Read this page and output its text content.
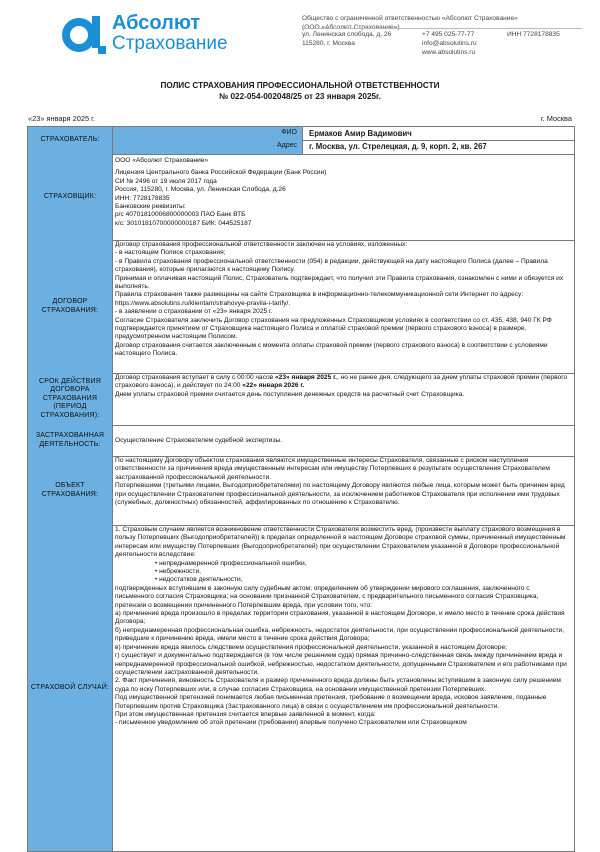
Абсолют
Страхование
Общество с ограниченной ответственностью «Абсолют Страхование»
(ООО «Абсолют Страхование»)
ул. Ленинская слобода, д. 26
115280, г. Москва
+7 495 025-77-77
info@absolutins.ru
www.absolutins.ru
ИНН 7728178835
ПОЛИС СТРАХОВАНИЯ ПРОФЕССИОНАЛЬНОЙ ОТВЕТСТВЕННОСТИ
№ 022-054-002048/25 от 23 января 2025г.
«23» января 2025 г.	г. Москва
СТРАХОВАТЕЛЬ:
ФИО	Ермаков Амир Вадимович
Адрес	г. Москва, ул. Стрелецкая, д. 9, корп. 2, кв. 267
СТРАХОВЩИК:

ООО «Абсолют Страхование»

Лицензия Центрального банка Российской Федерации (Банк России)

СИ № 2496 от 19 июля 2017 года

Россия, 115280, г. Москва, ул. Ленинская Слобода, д.26

ИНН: 7728178835

Банковские реквизиты:

р/с 40701810006800000003 ПАО Банк ВТБ

к/с: 30101810700000000187 БИК: 044525187

ДОГОВОР СТРАХОВАНИЯ:

Договор страхования профессиональной ответственности заключен на условиях, изложенных:

- в настоящем Полисе страхования;

- в Правила страхования профессиональной ответственности (054) в редакции, действующей на дату настоящего Полиса (далее – Правила страхования), которые прилагаются к настоящему Полису.

Принимая и оплачивая настоящий Полис, Страхователь подтверждает, что получил эти Правила страхования, ознакомлен с ними и обязуется их выполнять.

Правила страхования также размещены на сайте Страховщика в информационно-телекоммуникационной сети Интернет по адресу: https://www.absolutins.ru/klientam/strahovye-pravila-i-tarify/.

- в заявлении о страховании от «23» января 2025 г.

Согласие Страхователя заключить Договор страхования на предложенных Страховщиком условиях в соответствии со ст. 435, 438, 940 ГК РФ подтверждается принятием от Страховщика настоящего Полиса и оплатой страховой премии (первого страхового взноса) в размере, предусмотренном настоящим Полисом.

Договор страхования считается заключенным с момента оплаты страховой премии (первого страхового взноса) в соответствии с условиями настоящего Полиса.

СРОК ДЕЙСТВИЯ ДОГОВОРА СТРАХОВАНИЯ (ПЕРИОД СТРАХОВАНИЯ):

Договор страхования вступает в силу с 00:00 часов «23» января 2025 г., но не ранее дня, следующего за днем уплаты страховой премии (первого страхового взноса), и действует по 24:00 «22» января 2026 г.

Днем уплаты страховой премии считается день поступления денежных средств на расчетный счет Страховщика.

ЗАСТРАХОВАННАЯ ДЕЯТЕЛЬНОСТЬ:	Осуществление Страхователем судебной экспертизы.
ОБЪЕКТ СТРАХОВАНИЯ:

По настоящему Договору объектом страхования являются имущественные интересы Страхователя, связанные с риском наступления ответственности за причинения вреда имущественным интересам или имуществу Потерпевших в результате осуществления Страхователем застрахованной профессиональной деятельности.

Потерпевшими (третьими лицами, Выгодоприобретателями) по настоящему Договору являются любые лица, которым может быть причинен вред при осуществлении Страхователем профессиональной деятельности, за исключением работников Страхователя при исполнении ими трудовых (служебных, должностных) обязанностей, аффилированных по отношению к Страхователю.

СТРАХОВОЙ СЛУЧАЙ:

1. Страховым случаем является возникновение ответственности Страхователя возместить вред, (произвести выплату страхового возмещения в пользу Потерпевших (Выгодоприобретателей)) в пределах определенной в настоящем Договоре страховой суммы, причиненный имущественным интересам или имуществу Потерпевших (Выгодоприобретателей) при осуществлении Страхователем указанной в Договоре профессиональной деятельности вследствие:

• непреднамеренной профессиональной ошибки,

• небрежности,

• недостатков деятельности,

подтвержденных вступившим в законную силу судебным актом; определением об утверждении мирового соглашения, заключенного с письменного согласия Страховщика; на основании признанной Страхователем, с предварительного письменного согласия Страховщика, претензии о возмещении причиненного Потерпевшим вреда, при условии того, что:

а) причинение вреда произошло в пределах территории страхования, указанной в настоящем Договоре, и имело место в течение срока действия Договора;

б) непреднамеренная профессиональная ошибка, небрежность, недостаток деятельности, при осуществлении профессиональной деятельности, приведшие к причинению вреда, имели место в течение срока действия Договора;

в) причинение вреда явилось следствием осуществления профессиональной деятельности, указанной в настоящем Договоре;

г) существует и документально подтверждается (в том числе решением суда) прямая причинно-следственная связь между причинением вреда и непреднамеренной профессиональной ошибкой, небрежностью, недостатком деятельности, допущенными Страхователем и его работниками при осуществлении застрахованной деятельности.

2. Факт причинения, виновность Страхователя и размер причиненного вреда должны быть установлены вступившим в законную силу решением суда по иску Потерпевших или, в случае согласия Страховщика, на основании имущественной претензии Потерпевших.

Под имущественной претензией понимается любая письменная претензия, требование о возмещении вреда, исковое заявление, поданные Потерпевшим против Страховщика (Застрахованного лица) в связи с осуществлением им профессиональной деятельности.

При этом имущественная претензия считается впервые заявленной в момент, когда:

- письменное уведомление об этой претензии (требовании) впервые получено Страхователем или Страховщиком
